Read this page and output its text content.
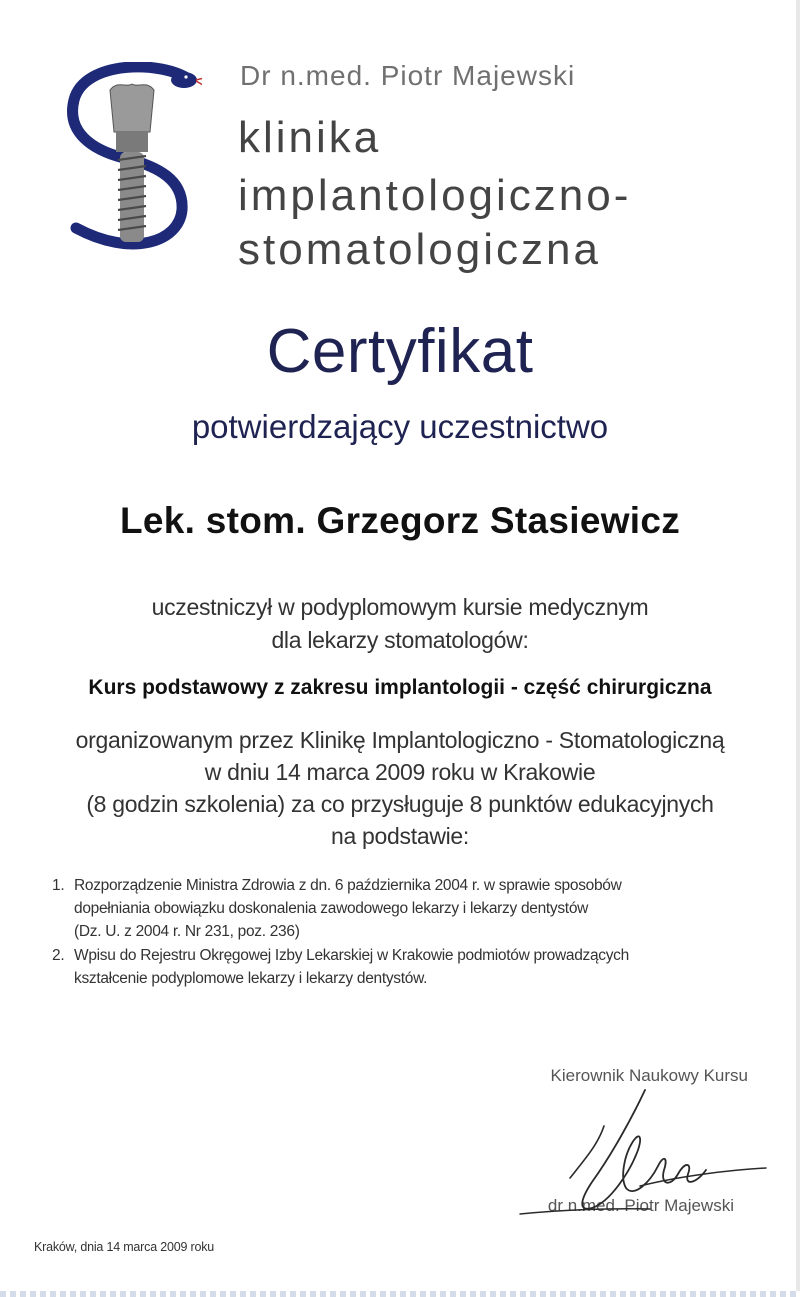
Dr n.med. Piotr Majewski
klinika
implantologiczno-
stomatologiczna
Certyfikat
potwierdzający uczestnictwo
Lek. stom. Grzegorz Stasiewicz
uczestniczył w podyplomowym kursie medycznym
dla lekarzy stomatologów:
Kurs podstawowy z zakresu implantologii - część chirurgiczna
organizowanym przez Klinikę Implantologiczno - Stomatologiczną
w dniu 14 marca 2009 roku w Krakowie
(8 godzin szkolenia) za co przysługuje 8 punktów edukacyjnych
na podstawie:
1. Rozporządzenie Ministra Zdrowia z dn. 6 października 2004 r. w sprawie sposobów
dopełniania obowiązku doskonalenia zawodowego lekarzy i lekarzy dentystów
(Dz. U. z 2004 r. Nr 231, poz. 236)
2. Wpisu do Rejestru Okręgowej Izby Lekarskiej w Krakowie podmiotów prowadzących
kształcenie podyplomowe lekarzy i lekarzy dentystów.
Kierownik Naukowy Kursu
dr n.med. Piotr Majewski
Kraków, dnia 14 marca 2009 roku
